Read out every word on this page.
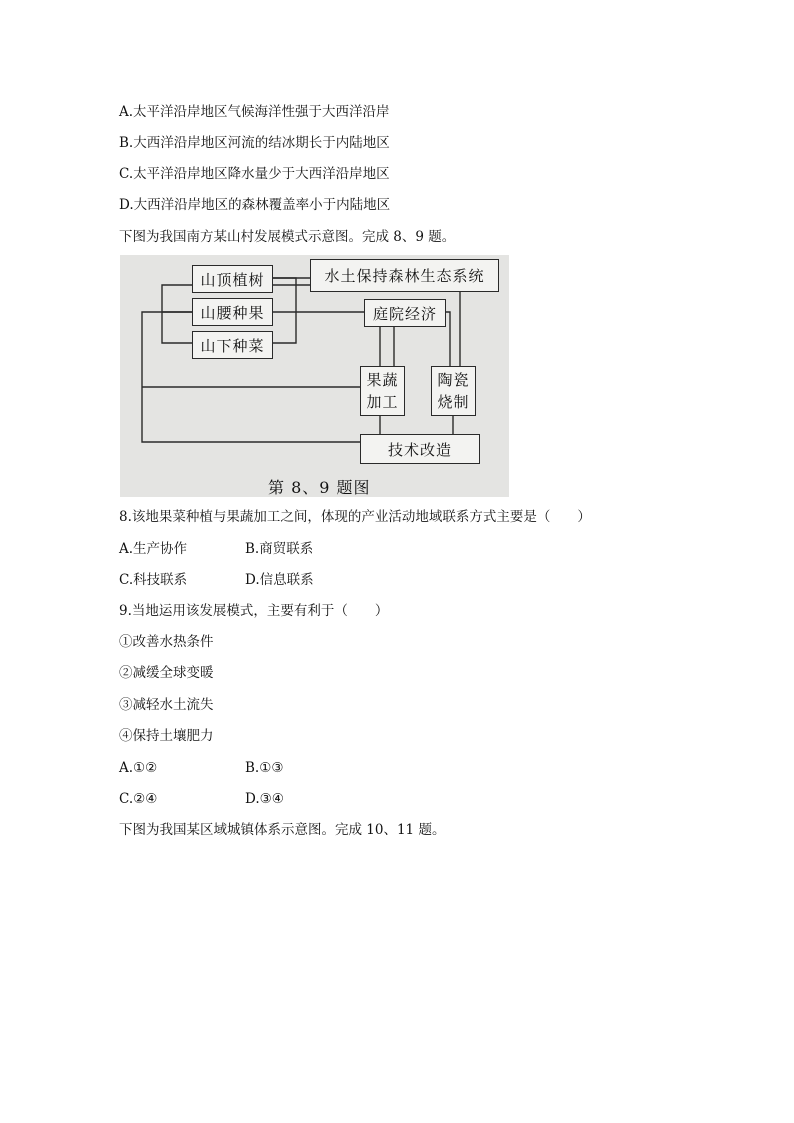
A.太平洋沿岸地区气候海洋性强于大西洋沿岸
B.大西洋沿岸地区河流的结冰期长于内陆地区
C.太平洋沿岸地区降水量少于大西洋沿岸地区
D.大西洋沿岸地区的森林覆盖率小于内陆地区
下图为我国南方某山村发展模式示意图。完成 8、9 题。
山顶植树
山腰种果
山下种菜
水土保持森林生态系统
庭院经济
果蔬
加工
陶瓷
烧制
技术改造
第 8、9 题图
8.该地果菜种植与果蔬加工之间，体现的产业活动地域联系方式主要是（　　）
A.生产协作	B.商贸联系
C.科技联系	D.信息联系
9.当地运用该发展模式，主要有利于（　　）
①改善水热条件
②减缓全球变暖
③减轻水土流失
④保持土壤肥力
A.①②	B.①③
C.②④	D.③④
下图为我国某区域城镇体系示意图。完成 10、11 题。
